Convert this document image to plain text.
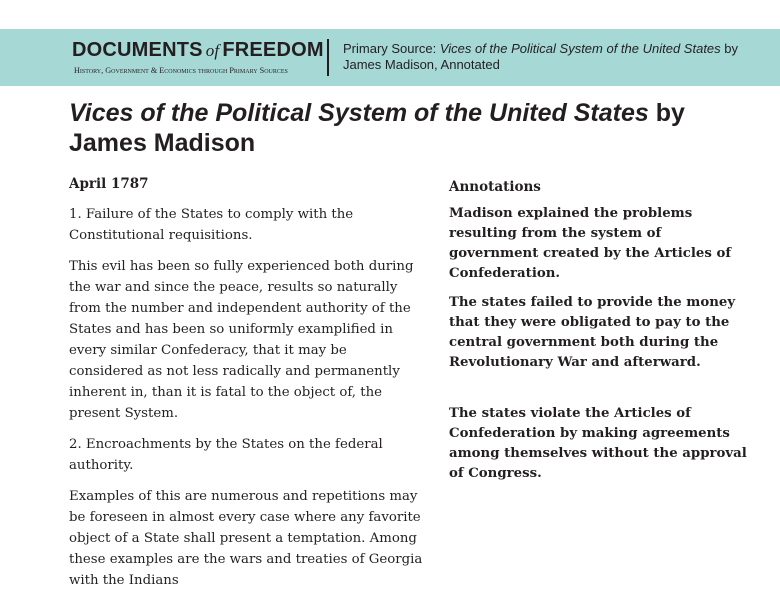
DOCUMENTS of FREEDOM
History, Government & Economics through Primary Sources
Primary Source: Vices of the Political System of the United States by James Madison, Annotated
Vices of the Political System of the United States by James Madison

April 1787

1. Failure of the States to comply with the Constitutional requisitions.

This evil has been so fully experienced both during the war and since the peace, results so naturally from the number and independent authority of the States and has been so uniformly examplified in every similar Confederacy, that it may be considered as not less radically and permanently inherent in, than it is fatal to the object of, the present System.

2. Encroachments by the States on the federal authority.

Examples of this are numerous and repetitions may be foreseen in almost every case where any favorite object of a State shall present a temptation. Among these examples are the wars and treaties of Georgia with the Indians

Annotations

Madison explained the problems resulting from the system of government created by the Articles of Confederation.

The states failed to provide the money that they were obligated to pay to the central government both during the Revolutionary War and afterward.

The states violate the Articles of Confederation by making agreements among themselves without the approval of Congress.
